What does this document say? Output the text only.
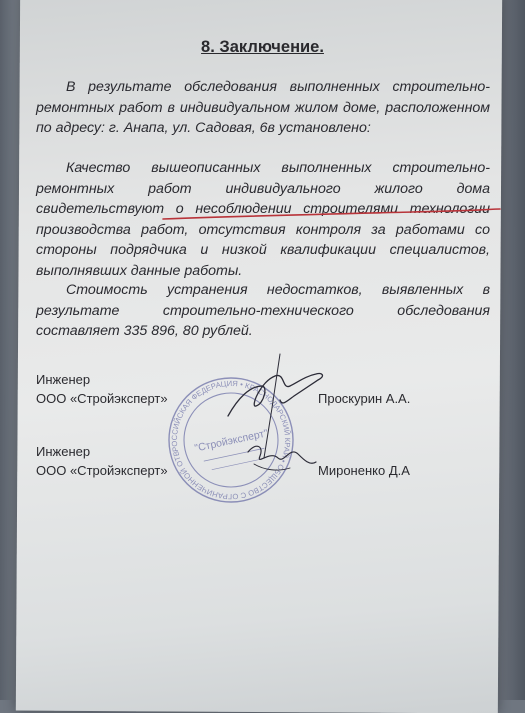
8. Заключение.

В результате обследования выполненных строительно-ремонтных работ в индивидуальном жилом доме, расположенном по адресу: г. Анапа, ул. Садовая, 6в установлено:

Качество вышеописанных выполненных строительно-ремонтных работ индивидуального жилого дома свидетельствуют о несоблюдении строителями технологии производства работ, отсутствия контроля за работами со стороны подрядчика и низкой квалификации специалистов, выполнявших данные работы.

Стоимость устранения недостатков, выявленных в результате строительно-технического обследования составляет 335 896, 80 рублей.

Инженер
ООО «Стройэксперт»	Проскурин А.А.
Инженер
ООО «Стройэксперт»	Мироненко Д.А
РОССИЙСКАЯ ФЕДЕРАЦИЯ • КРАСНОДАРСКИЙ КРАЙ • ОБЩЕСТВО С ОГРАНИЧЕННОЙ ОТВЕТСТВЕННОСТЬЮ
"Стройэксперт"
